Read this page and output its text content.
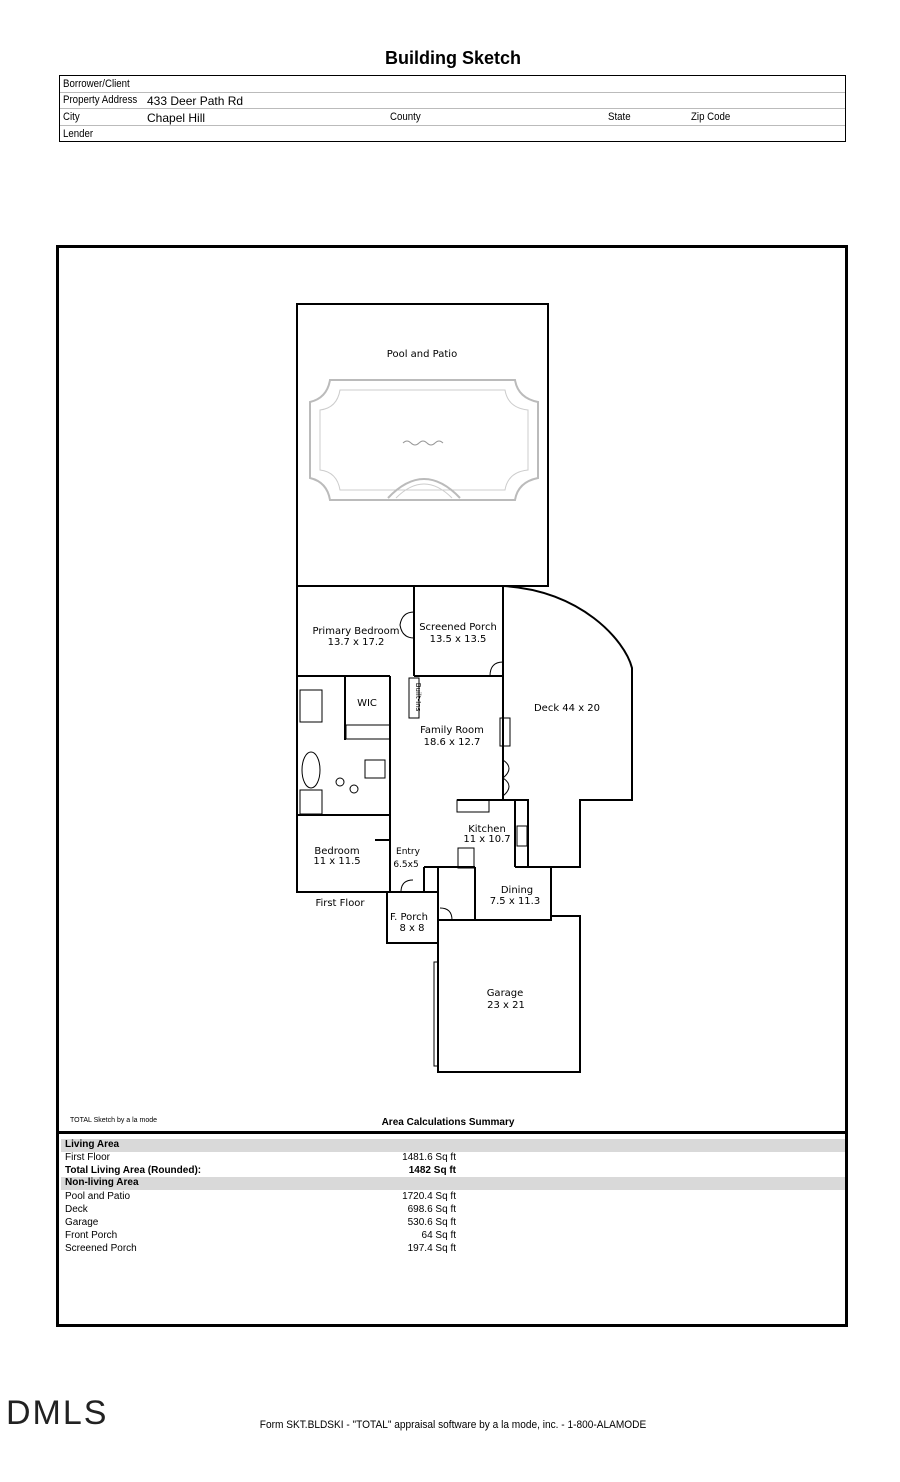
Building Sketch
Borrower/Client
Property Address 433 Deer Path Rd
City	Chapel Hill	County	State	Zip Code
Lender
Pool and Patio
Primary Bedroom
13.7 x 17.2
Screened Porch
13.5 x 13.5
WIC	Built-Ins
Family Room
18.6 x 12.7
Deck 44 x 20
Kitchen
11 x 10.7
Bedroom
11 x 11.5
Entry
6.5x5
First Floor
Dining
7.5 x 11.3
F. Porch
8 x 8
Garage
23 x 21
TOTAL Sketch by a la mode	Area Calculations Summary
Living Area
First Floor	1481.6 Sq ft
Total Living Area (Rounded):	1482 Sq ft
Non-living Area
Pool and Patio	1720.4 Sq ft
Deck	698.6 Sq ft
Garage	530.6 Sq ft
Front Porch	64 Sq ft
Screened Porch	197.4 Sq ft
DMLS	Form SKT.BLDSKI - "TOTAL" appraisal software by a la mode, inc. - 1-800-ALAMODE
